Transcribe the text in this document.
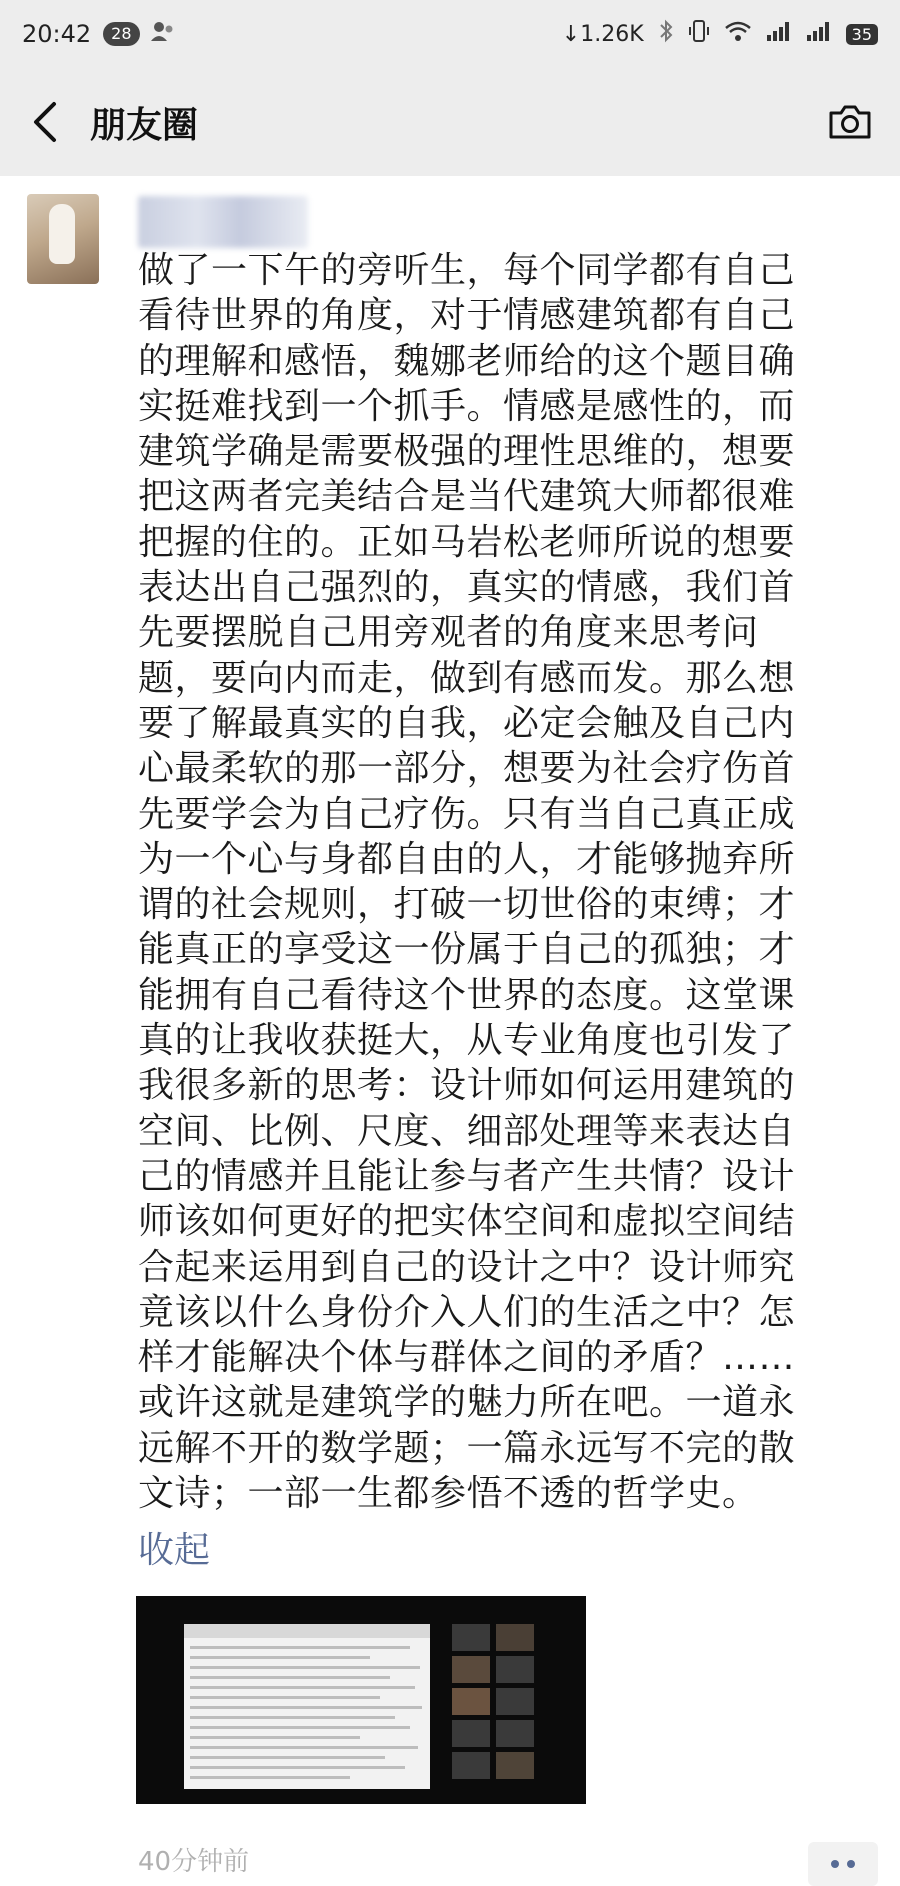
20:42	28	↓1.26K	35
朋友圈
做了一下午的旁听生，每个同学都有自己
看待世界的角度，对于情感建筑都有自己
的理解和感悟，魏娜老师给的这个题目确
实挺难找到一个抓手。情感是感性的，而
建筑学确是需要极强的理性思维的，想要
把这两者完美结合是当代建筑大师都很难
把握的住的。正如马岩松老师所说的想要
表达出自己强烈的，真实的情感，我们首
先要摆脱自己用旁观者的角度来思考问
题，要向内而走，做到有感而发。那么想
要了解最真实的自我，必定会触及自己内
心最柔软的那一部分，想要为社会疗伤首
先要学会为自己疗伤。只有当自己真正成
为一个心与身都自由的人，才能够抛弃所
谓的社会规则，打破一切世俗的束缚；才
能真正的享受这一份属于自己的孤独；才
能拥有自己看待这个世界的态度。这堂课
真的让我收获挺大，从专业角度也引发了
我很多新的思考：设计师如何运用建筑的
空间、比例、尺度、细部处理等来表达自
己的情感并且能让参与者产生共情？设计
师该如何更好的把实体空间和虚拟空间结
合起来运用到自己的设计之中？设计师究
竟该以什么身份介入人们的生活之中？怎
样才能解决个体与群体之间的矛盾？……
或许这就是建筑学的魅力所在吧。一道永
远解不开的数学题；一篇永远写不完的散
文诗；一部一生都参悟不透的哲学史。
收起
40分钟前
